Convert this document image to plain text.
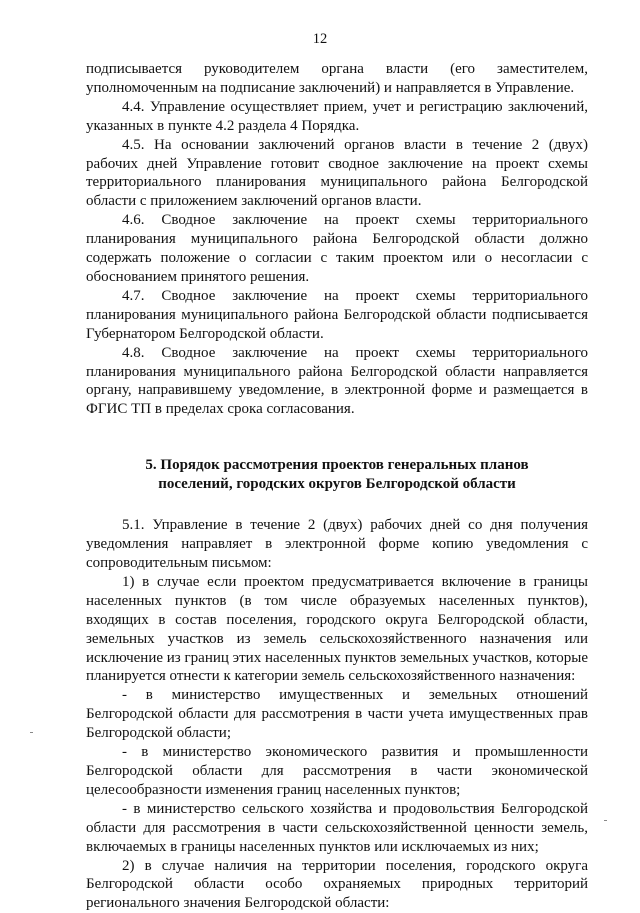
12

подписывается руководителем органа власти (его заместителем, уполномоченным на подписание заключений) и направляется в Управление.

4.4. Управление осуществляет прием, учет и регистрацию заключений, указанных в пункте 4.2 раздела 4 Порядка.

4.5. На основании заключений органов власти в течение 2 (двух) рабочих дней Управление готовит сводное заключение на проект схемы территориального планирования муниципального района Белгородской области с приложением заключений органов власти.

4.6. Сводное заключение на проект схемы территориального планирования муниципального района Белгородской области должно содержать положение о согласии с таким проектом или о несогласии с обоснованием принятого решения.

4.7. Сводное заключение на проект схемы территориального планирования муниципального района Белгородской области подписывается Губернатором Белгородской области.

4.8. Сводное заключение на проект схемы территориального планирования муниципального района Белгородской области направляется органу, направившему уведомление, в электронной форме и размещается в ФГИС ТП в пределах срока согласования.

5. Порядок рассмотрения проектов генеральных планов
поселений, городских округов Белгородской области

5.1. Управление в течение 2 (двух) рабочих дней со дня получения уведомления направляет в электронной форме копию уведомления с сопроводительным письмом:

1) в случае если проектом предусматривается включение в границы населенных пунктов (в том числе образуемых населенных пунктов), входящих в состав поселения, городского округа Белгородской области, земельных участков из земель сельскохозяйственного назначения или исключение из границ этих населенных пунктов земельных участков, которые планируется отнести к категории земель сельскохозяйственного назначения:

- в министерство имущественных и земельных отношений Белгородской области для рассмотрения в части учета имущественных прав Белгородской области;

- в министерство экономического развития и промышленности Белгородской области для рассмотрения в части экономической целесообразности изменения границ населенных пунктов;

- в министерство сельского хозяйства и продовольствия Белгородской области для рассмотрения в части сельскохозяйственной ценности земель, включаемых в границы населенных пунктов или исключаемых из них;

2) в случае наличия на территории поселения, городского округа Белгородской области особо охраняемых природных территорий регионального значения Белгородской области:
